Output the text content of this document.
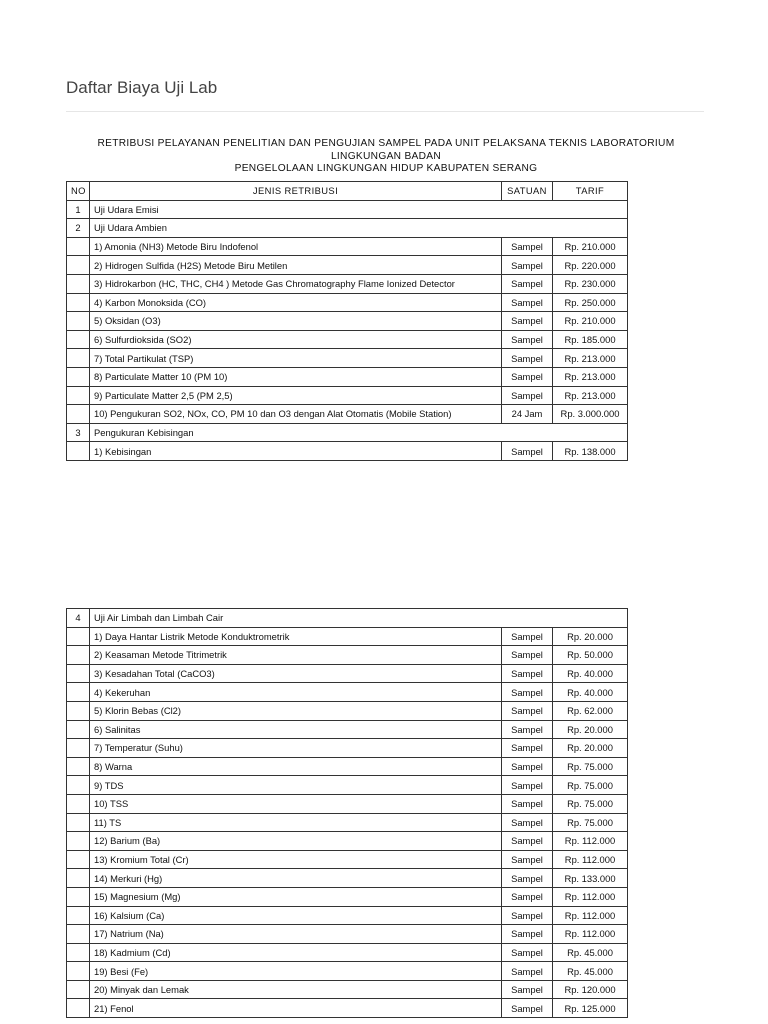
Daftar Biaya Uji Lab
RETRIBUSI PELAYANAN PENELITIAN DAN PENGUJIAN SAMPEL PADA UNIT PELAKSANA TEKNIS LABORATORIUM LINGKUNGAN BADAN
PENGELOLAAN LINGKUNGAN HIDUP KABUPATEN SERANG
NO	JENIS RETRIBUSI	SATUAN	TARIF
1	Uji Udara Emisi		
2	Uji Udara Ambien		
	1) Amonia (NH3) Metode Biru Indofenol	Sampel	Rp. 210.000
	2) Hidrogen Sulfida (H2S) Metode Biru Metilen	Sampel	Rp. 220.000
	3) Hidrokarbon (HC, THC, CH4 ) Metode Gas Chromatography Flame Ionized Detector	Sampel	Rp. 230.000
	4) Karbon Monoksida (CO)	Sampel	Rp. 250.000
	5) Oksidan (O3)	Sampel	Rp. 210.000
	6) Sulfurdioksida (SO2)	Sampel	Rp. 185.000
	7) Total Partikulat (TSP)	Sampel	Rp. 213.000
	8) Particulate Matter 10 (PM 10)	Sampel	Rp. 213.000
	9) Particulate Matter 2,5 (PM 2,5)	Sampel	Rp. 213.000
	10) Pengukuran SO2, NOx, CO, PM 10 dan O3 dengan Alat Otomatis (Mobile Station)	24 Jam	Rp. 3.000.000
3	Pengukuran Kebisingan		
	1) Kebisingan	Sampel	Rp. 138.000
4	Uji Air Limbah dan Limbah Cair		
	1) Daya Hantar Listrik Metode Konduktrometrik	Sampel	Rp. 20.000
	2) Keasaman Metode Titrimetrik	Sampel	Rp. 50.000
	3) Kesadahan Total (CaCO3)	Sampel	Rp. 40.000
	4) Kekeruhan	Sampel	Rp. 40.000
	5) Klorin Bebas (Cl2)	Sampel	Rp. 62.000
	6) Salinitas	Sampel	Rp. 20.000
	7) Temperatur (Suhu)	Sampel	Rp. 20.000
	8) Warna	Sampel	Rp. 75.000
	9) TDS	Sampel	Rp. 75.000
	10) TSS	Sampel	Rp. 75.000
	11) TS	Sampel	Rp. 75.000
	12) Barium (Ba)	Sampel	Rp. 112.000
	13) Kromium Total (Cr)	Sampel	Rp. 112.000
	14) Merkuri (Hg)	Sampel	Rp. 133.000
	15) Magnesium (Mg)	Sampel	Rp. 112.000
	16) Kalsium (Ca)	Sampel	Rp. 112.000
	17) Natrium (Na)	Sampel	Rp. 112.000
	18) Kadmium (Cd)	Sampel	Rp. 45.000
	19) Besi (Fe)	Sampel	Rp. 45.000
	20) Minyak dan Lemak	Sampel	Rp. 120.000
	21) Fenol	Sampel	Rp. 125.000
